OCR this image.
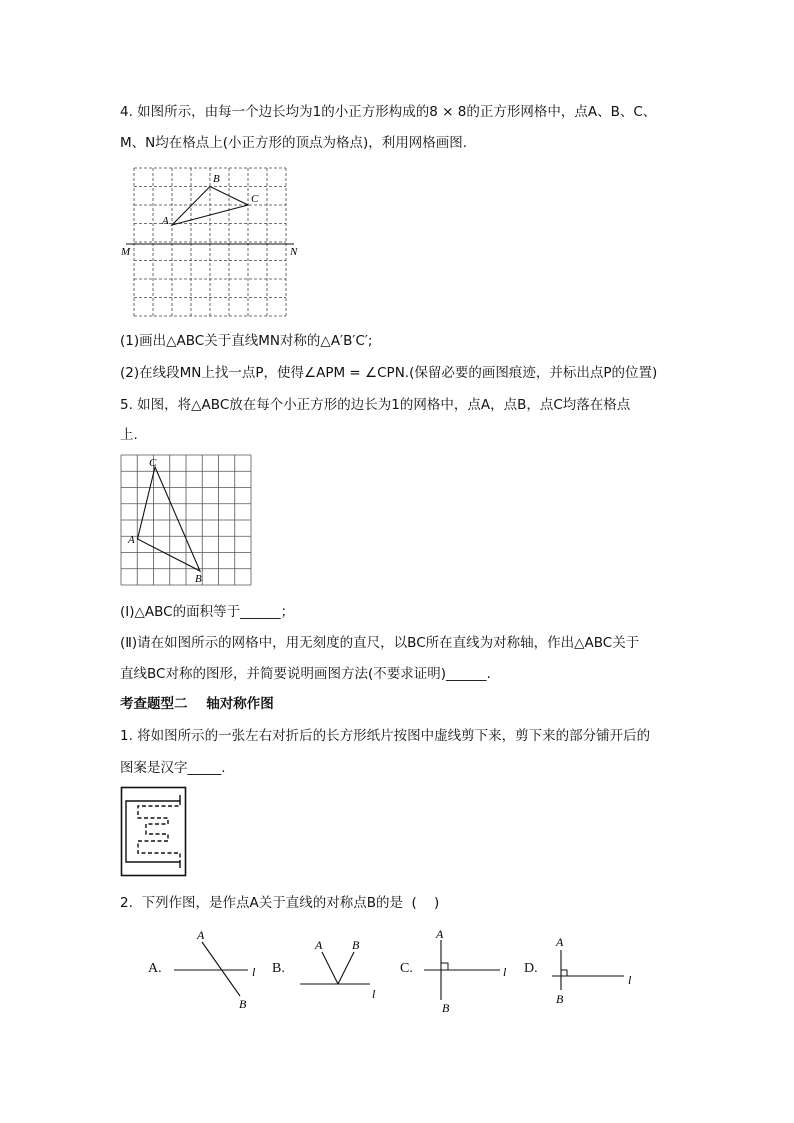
4. 如图所示，由每一个边长均为1的小正方形构成的8 × 8的正方形网格中，点A、B、C、
M、N均在格点上(小正方形的顶点为格点)，利用网格画图.
A
B
C
M	N
(1)画出△ABC关于直线MN对称的△A′B′C′;
(2)在线段MN上找一点P，使得∠APM = ∠CPN.(保留必要的画图痕迹，并标出点P的位置)
5. 如图，将△ABC放在每个小正方形的边长为1的网格中，点A，点B，点C均落在格点
上.
C
A
B
(Ⅰ)△ABC的面积等于______；
(Ⅱ)请在如图所示的网格中，用无刻度的直尺，以BC所在直线为对称轴，作出△ABC关于
直线BC对称的图形，并简要说明画图方法(不要求证明)______.
考查题型二    轴对称作图
1. 将如图所示的一张左右对折后的长方形纸片按图中虚线剪下来，剪下来的部分铺开后的
图案是汉字_____.
2.  下列作图，是作点A关于直线的对称点B的是  (    )
A.
A
B
l B.
A B
l
C.
A
B
l D.
A
B
l
